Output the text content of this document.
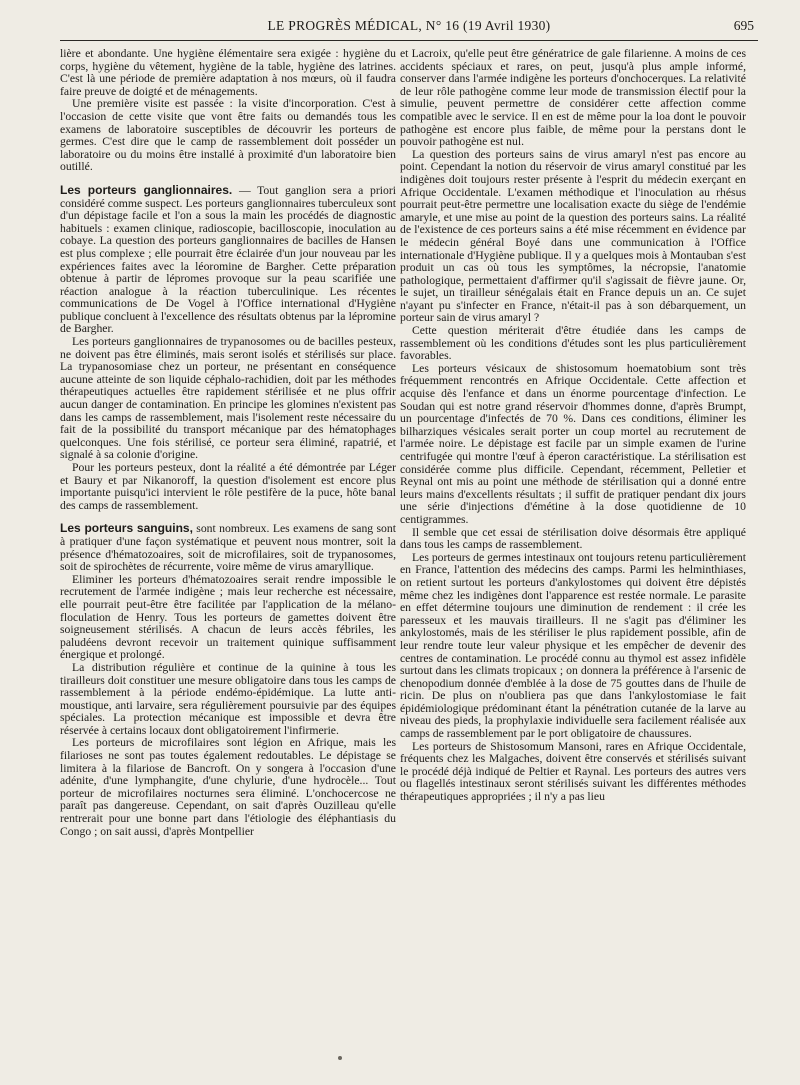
LE PROGRÈS MÉDICAL, N° 16 (19 Avril 1930)	695

lière et abondante. Une hygiène élémentaire sera exigée : hygiène du corps, hygiène du vêtement, hygiène de la table, hygiène des latrines. C'est là une période de première adaptation à nos mœurs, où il faudra faire preuve de doigté et de ménagements.

Une première visite est passée : la visite d'incorporation. C'est à l'occasion de cette visite que vont être faits ou demandés tous les examens de laboratoire susceptibles de découvrir les porteurs de germes. C'est dire que le camp de rassemblement doit posséder un laboratoire ou du moins être installé à proximité d'un laboratoire bien outillé.

Les porteurs ganglionnaires. — Tout ganglion sera a priori considéré comme suspect. Les porteurs ganglionnaires tuberculeux sont d'un dépistage facile et l'on a sous la main les procédés de diagnostic habituels : examen clinique, radioscopie, bacilloscopie, inoculation au cobaye. La question des porteurs ganglionnaires de bacilles de Hansen est plus complexe ; elle pourrait être éclairée d'un jour nouveau par les expériences faites avec la léoromine de Bargher. Cette préparation obtenue à partir de lépromes provoque sur la peau scarifiée une réaction analogue à la réaction tuberculinique. Les récentes communications de De Vogel à l'Office international d'Hygiène publique concluent à l'excellence des résultats obtenus par la lépromine de Bargher.

Les porteurs ganglionnaires de trypanosomes ou de bacilles pesteux, ne doivent pas être éliminés, mais seront isolés et stérilisés sur place. La trypanosomiase chez un porteur, ne présentant en conséquence aucune atteinte de son liquide céphalo-rachidien, doit par les méthodes thérapeutiques actuelles être rapidement stérilisée et ne plus offrir aucun danger de contamination. En principe les glomines n'existent pas dans les camps de rassemblement, mais l'isolement reste nécessaire du fait de la possibilité du transport mécanique par des hématophages quelconques. Une fois stérilisé, ce porteur sera éliminé, rapatrié, et signalé à sa colonie d'origine.

Pour les porteurs pesteux, dont la réalité a été démontrée par Léger et Baury et par Nikanoroff, la question d'isolement est encore plus importante puisqu'ici intervient le rôle pestifère de la puce, hôte banal des camps de rassemblement.

Les porteurs sanguins, sont nombreux. Les examens de sang sont à pratiquer d'une façon systématique et peuvent nous montrer, soit la présence d'hématozoaires, soit de microfilaires, soit de trypanosomes, soit de spirochètes de récurrente, voire même de virus amaryllique.

Eliminer les porteurs d'hématozoaires serait rendre impossible le recrutement de l'armée indigène ; mais leur recherche est nécessaire, elle pourrait peut-être être facilitée par l'application de la mélano-floculation de Henry. Tous les porteurs de gamettes doivent être soigneusement stérilisés. A chacun de leurs accès fébriles, les paludéens devront recevoir un traitement quinique suffisamment énergique et prolongé.

La distribution régulière et continue de la quinine à tous les tirailleurs doit constituer une mesure obligatoire dans tous les camps de rassemblement à la période endémo-épidémique. La lutte anti-moustique, anti larvaire, sera régulièrement poursuivie par des équipes spéciales. La protection mécanique est impossible et devra être réservée à certains locaux dont obligatoirement l'infirmerie.

Les porteurs de microfilaires sont légion en Afrique, mais les filarioses ne sont pas toutes également redoutables. Le dépistage se limitera à la filariose de Bancroft. On y songera à l'occasion d'une adénite, d'une lymphangite, d'une chylurie, d'une hydrocèle... Tout porteur de microfilaires nocturnes sera éliminé. L'onchocercose ne paraît pas dangereuse. Cependant, on sait d'après Ouzilleau qu'elle rentrerait pour une bonne part dans l'étiologie des éléphantiasis du Congo ; on sait aussi, d'après Montpellier

et Lacroix, qu'elle peut être génératrice de gale filarienne. A moins de ces accidents spéciaux et rares, on peut, jusqu'à plus ample informé, conserver dans l'armée indigène les porteurs d'onchocerques. La relativité de leur rôle pathogène comme leur mode de transmission électif pour la simulie, peuvent permettre de considérer cette affection comme compatible avec le service. Il en est de même pour la loa dont le pouvoir pathogène est encore plus faible, de même pour la perstans dont le pouvoir pathogène est nul.

La question des porteurs sains de virus amaryl n'est pas encore au point. Cependant la notion du réservoir de virus amaryl constitué par les indigènes doit toujours rester présente à l'esprit du médecin exerçant en Afrique Occidentale. L'examen méthodique et l'inoculation au rhésus pourrait peut-être permettre une localisation exacte du siège de l'endémie amaryle, et une mise au point de la question des porteurs sains. La réalité de l'existence de ces porteurs sains a été mise récemment en évidence par le médecin général Boyé dans une communication à l'Office internationale d'Hygiène publique. Il y a quelques mois à Montauban s'est produit un cas où tous les symptômes, la nécropsie, l'anatomie pathologique, permettaient d'affirmer qu'il s'agissait de fièvre jaune. Or, le sujet, un tirailleur sénégalais était en France depuis un an. Ce sujet n'ayant pu s'infecter en France, n'était-il pas à son débarquement, un porteur sain de virus amaryl ?

Cette question mériterait d'être étudiée dans les camps de rassemblement où les conditions d'études sont les plus particulièrement favorables.

Les porteurs vésicaux de shistosomum hoematobium sont très fréquemment rencontrés en Afrique Occidentale. Cette affection et acquise dès l'enfance et dans un énorme pourcentage d'infection. Le Soudan qui est notre grand réservoir d'hommes donne, d'après Brumpt, un pourcentage d'infectés de 70 %. Dans ces conditions, éliminer les bilharziques vésicales serait porter un coup mortel au recrutement de l'armée noire. Le dépistage est facile par un simple examen de l'urine centrifugée qui montre l'œuf à éperon caractéristique. La stérilisation est considérée comme plus difficile. Cependant, récemment, Pelletier et Reynal ont mis au point une méthode de stérilisation qui a donné entre leurs mains d'excellents résultats ; il suffit de pratiquer pendant dix jours une série d'injections d'émétine à la dose quotidienne de 10 centigrammes.

Il semble que cet essai de stérilisation doive désormais être appliqué dans tous les camps de rassemblement.

Les porteurs de germes intestinaux ont toujours retenu particulièrement en France, l'attention des médecins des camps. Parmi les helminthiases, on retient surtout les porteurs d'ankylostomes qui doivent être dépistés même chez les indigènes dont l'apparence est restée normale. Le parasite en effet détermine toujours une diminution de rendement : il crée les paresseux et les mauvais tirailleurs. Il ne s'agit pas d'éliminer les ankylostomés, mais de les stériliser le plus rapidement possible, afin de leur rendre toute leur valeur physique et les empêcher de devenir des centres de contamination. Le procédé connu au thymol est assez infidèle surtout dans les climats tropicaux ; on donnera la préférence à l'arsenic de chenopodium donnée d'emblée à la dose de 75 gouttes dans de l'huile de ricin. De plus on n'oubliera pas que dans l'ankylostomiase le fait épidémiologique prédominant étant la pénétration cutanée de la larve au niveau des pieds, la prophylaxie individuelle sera facilement réalisée aux camps de rassemblement par le port obligatoire de chaussures.

Les porteurs de Shistosomum Mansoni, rares en Afrique Occidentale, fréquents chez les Malgaches, doivent être conservés et stérilisés suivant le procédé déjà indiqué de Peltier et Raynal. Les porteurs des autres vers ou flagellés intestinaux seront stérilisés suivant les différentes méthodes thérapeutiques appropriées ; il n'y a pas lieu
